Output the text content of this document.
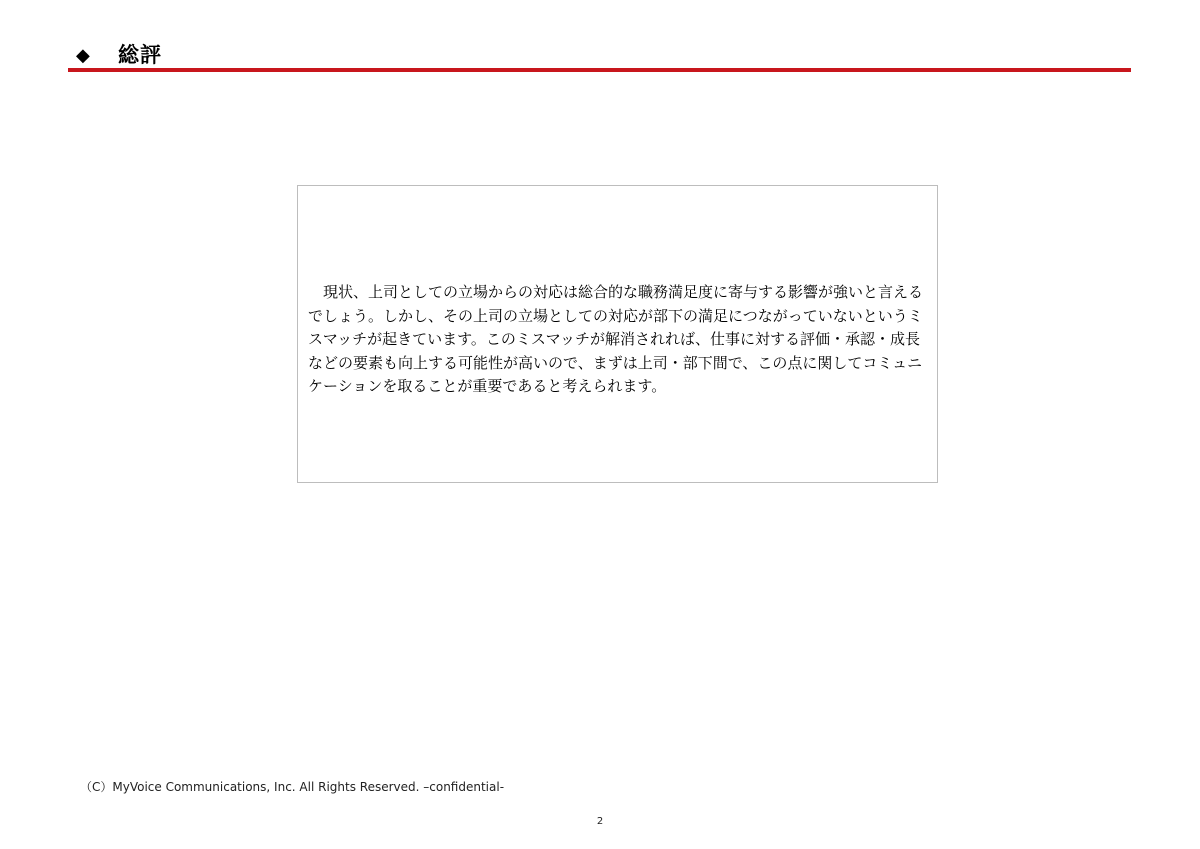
◆ 総評
現状、上司としての立場からの対応は総合的な職務満足度に寄与する影響が強いと言えるでしょう。しかし、その上司の立場としての対応が部下の満足につながっていないというミスマッチが起きています。このミスマッチが解消されれば、仕事に対する評価・承認・成長などの要素も向上する可能性が高いので、まずは上司・部下間で、この点に関してコミュニケーションを取ることが重要であると考えられます。
（C）MyVoice Communications, Inc. All Rights Reserved. –confidential-
2
